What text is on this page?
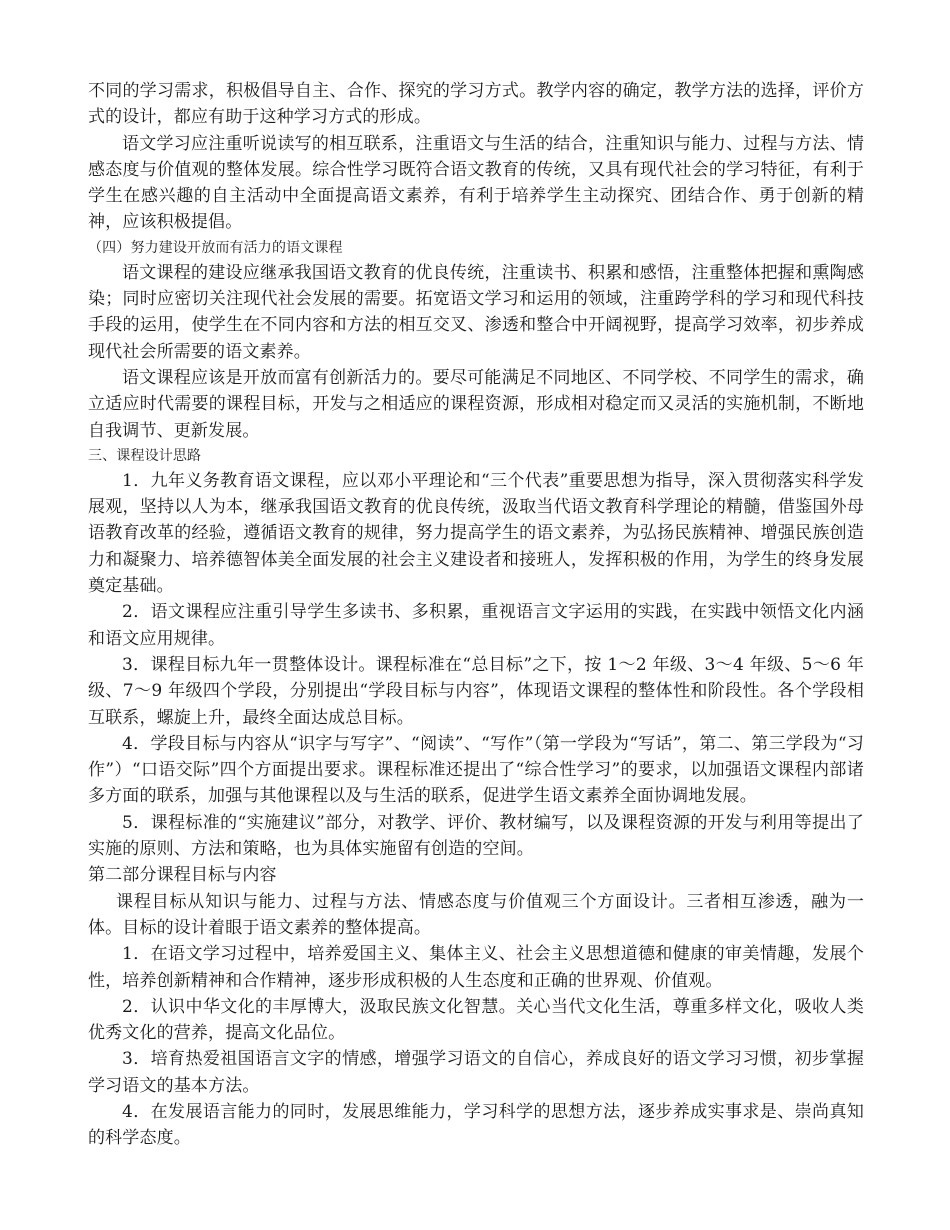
不同的学习需求，积极倡导自主、合作、探究的学习方式。教学内容的确定，教学方法的选择，评价方式的设计，都应有助于这种学习方式的形成。

语文学习应注重听说读写的相互联系，注重语文与生活的结合，注重知识与能力、过程与方法、情感态度与价值观的整体发展。综合性学习既符合语文教育的传统，又具有现代社会的学习特征，有利于学生在感兴趣的自主活动中全面提高语文素养，有利于培养学生主动探究、团结合作、勇于创新的精神，应该积极提倡。

（四）努力建设开放而有活力的语文课程

语文课程的建设应继承我国语文教育的优良传统，注重读书、积累和感悟，注重整体把握和熏陶感染；同时应密切关注现代社会发展的需要。拓宽语文学习和运用的领域，注重跨学科的学习和现代科技手段的运用，使学生在不同内容和方法的相互交叉、渗透和整合中开阔视野，提高学习效率，初步养成现代社会所需要的语文素养。

语文课程应该是开放而富有创新活力的。要尽可能满足不同地区、不同学校、不同学生的需求，确立适应时代需要的课程目标，开发与之相适应的课程资源，形成相对稳定而又灵活的实施机制，不断地自我调节、更新发展。

三、课程设计思路

1．九年义务教育语文课程，应以邓小平理论和“三个代表”重要思想为指导，深入贯彻落实科学发展观，坚持以人为本，继承我国语文教育的优良传统，汲取当代语文教育科学理论的精髓，借鉴国外母语教育改革的经验，遵循语文教育的规律，努力提高学生的语文素养，为弘扬民族精神、增强民族创造力和凝聚力、培养德智体美全面发展的社会主义建设者和接班人，发挥积极的作用，为学生的终身发展奠定基础。

2．语文课程应注重引导学生多读书、多积累，重视语言文字运用的实践，在实践中领悟文化内涵和语文应用规律。

3．课程目标九年一贯整体设计。课程标准在“总目标”之下，按 1～2 年级、3～4 年级、5～6 年级、7～9 年级四个学段，分别提出“学段目标与内容”，体现语文课程的整体性和阶段性。各个学段相互联系，螺旋上升，最终全面达成总目标。

4．学段目标与内容从“识字与写字”、“阅读”、“写作”（第一学段为“写话”，第二、第三学段为“习作”）“口语交际”四个方面提出要求。课程标准还提出了“综合性学习”的要求，以加强语文课程内部诸多方面的联系，加强与其他课程以及与生活的联系，促进学生语文素养全面协调地发展。

5．课程标准的“实施建议”部分，对教学、评价、教材编写，以及课程资源的开发与利用等提出了实施的原则、方法和策略，也为具体实施留有创造的空间。

第二部分课程目标与内容

课程目标从知识与能力、过程与方法、情感态度与价值观三个方面设计。三者相互渗透，融为一体。目标的设计着眼于语文素养的整体提高。

1．在语文学习过程中，培养爱国主义、集体主义、社会主义思想道德和健康的审美情趣，发展个性，培养创新精神和合作精神，逐步形成积极的人生态度和正确的世界观、价值观。

2．认识中华文化的丰厚博大，汲取民族文化智慧。关心当代文化生活，尊重多样文化，吸收人类优秀文化的营养，提高文化品位。

3．培育热爱祖国语言文字的情感，增强学习语文的自信心，养成良好的语文学习习惯，初步掌握学习语文的基本方法。

4．在发展语言能力的同时，发展思维能力，学习科学的思想方法，逐步养成实事求是、崇尚真知的科学态度。
